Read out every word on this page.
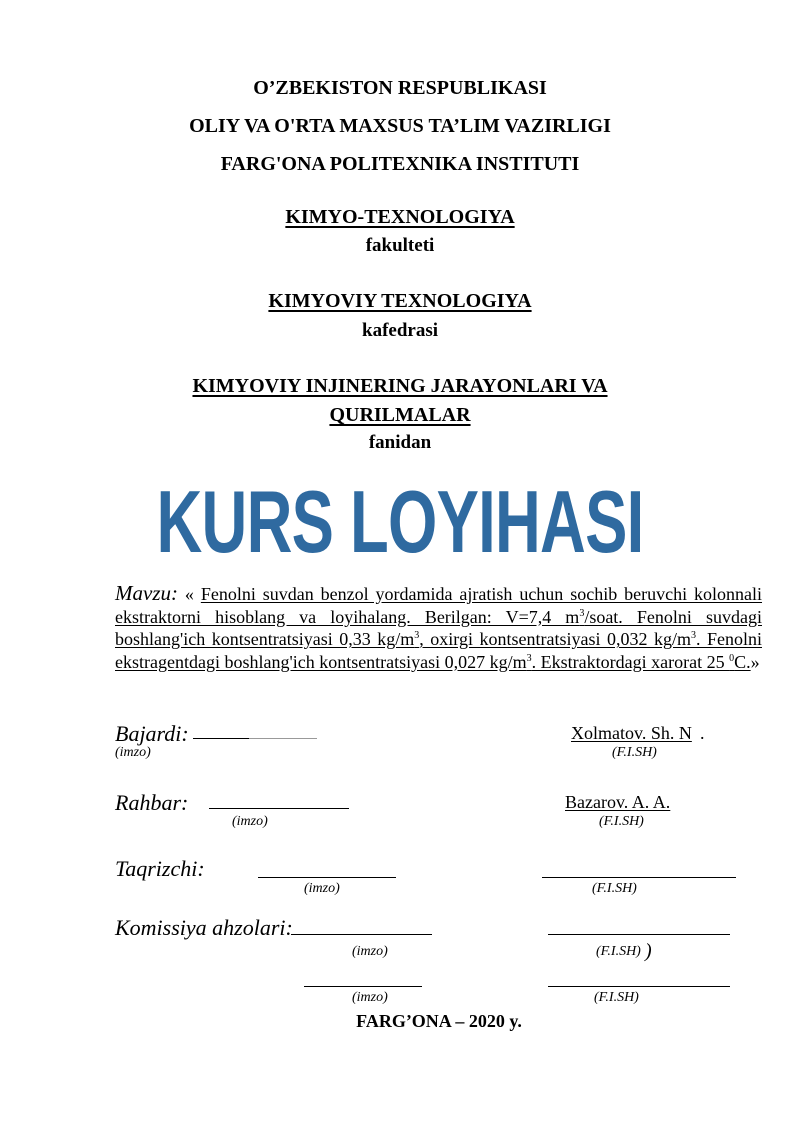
O’ZBEKISTON RESPUBLIKASI
OLIY VA O'RTA MAXSUS TA’LIM VAZIRLIGI
FARG'ONA POLITEXNIKA INSTITUTI
KIMYO-TEXNOLOGIYA
fakulteti
KIMYOVIY TEXNOLOGIYA
kafedrasi
KIMYOVIY INJINERING JARAYONLARI VA
QURILMALAR
fanidan
KURS LOYIHASI
Mavzu: « Fenolni suvdan benzol yordamida ajratish uchun sochib beruvchi kolonnali ekstraktorni hisoblang va loyihalang. Berilgan: V=7,4 $m^3$/soat. Fenolni suvdagi boshlang'ich kontsentratsiyasi 0,33 $kg/m^3$, oxirgi kontsentratsiyasi 0,032 $kg/m^3$. Fenolni ekstragentdagi boshlang'ich kontsentratsiyasi 0,027 $kg/m^3$. Ekstraktordagi xarorat 25 $^0$C.»
Bajardi:	Xolmatov. Sh. N .
(imzo)	(F.I.SH)
Rahbar:	Bazarov. A. A.
(imzo)	(F.I.SH)
Taqrizchi:
(imzo)	(F.I.SH)
Komissiya ahzolari:
(imzo)	(F.I.SH) )
(imzo)	(F.I.SH)
FARG’ONA – 2020 y.
